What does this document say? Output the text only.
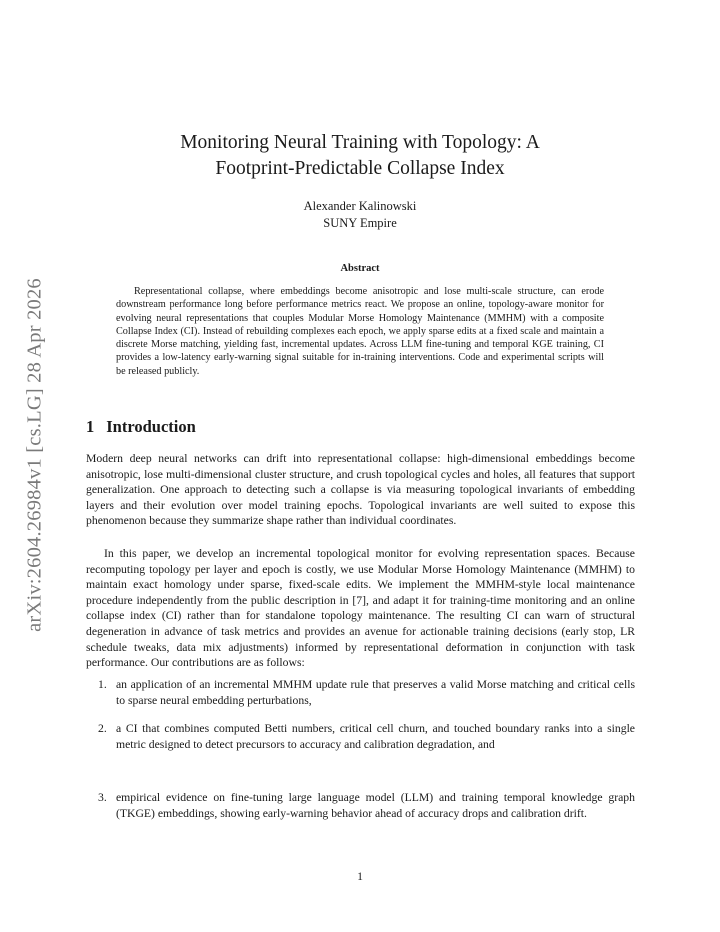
arXiv:2604.26984v1 [cs.LG] 28 Apr 2026
Monitoring Neural Training with Topology: A
Footprint-Predictable Collapse Index
Alexander Kalinowski
SUNY Empire
Abstract

Representational collapse, where embeddings become anisotropic and lose multi-scale structure, can erode downstream performance long before performance metrics react. We propose an online, topology-aware monitor for evolving neural representations that couples Modular Morse Homology Maintenance (MMHM) with a composite Collapse Index (CI). Instead of rebuilding complexes each epoch, we apply sparse edits at a fixed scale and maintain a discrete Morse matching, yielding fast, incremental updates. Across LLM fine-tuning and temporal KGE training, CI provides a low-latency early-warning signal suitable for in-training interventions. Code and experimental scripts will be released publicly.

1 Introduction

Modern deep neural networks can drift into representational collapse: high-dimensional embeddings become anisotropic, lose multi-dimensional cluster structure, and crush topological cycles and holes, all features that support generalization. One approach to detecting such a collapse is via measuring topological invariants of embedding layers and their evolution over model training epochs. Topological invariants are well suited to expose this phenomenon because they summarize shape rather than individual coordinates.

In this paper, we develop an incremental topological monitor for evolving representation spaces. Because recomputing topology per layer and epoch is costly, we use Modular Morse Homology Maintenance (MMHM) to maintain exact homology under sparse, fixed-scale edits. We implement the MMHM-style local maintenance procedure independently from the public description in [7], and adapt it for training-time monitoring and an online collapse index (CI) rather than for standalone topology maintenance. The resulting CI can warn of structural degeneration in advance of task metrics and provides an avenue for actionable training decisions (early stop, LR schedule tweaks, data mix adjustments) informed by representational deformation in conjunction with task performance. Our contributions are as follows:

1. an application of an incremental MMHM update rule that preserves a valid Morse matching and critical cells to sparse neural embedding perturbations,
2. a CI that combines computed Betti numbers, critical cell churn, and touched boundary ranks into a single metric designed to detect precursors to accuracy and calibration degradation, and
3. empirical evidence on fine-tuning large language model (LLM) and training temporal knowledge graph (TKGE) embeddings, showing early-warning behavior ahead of accuracy drops and calibration drift.
1
